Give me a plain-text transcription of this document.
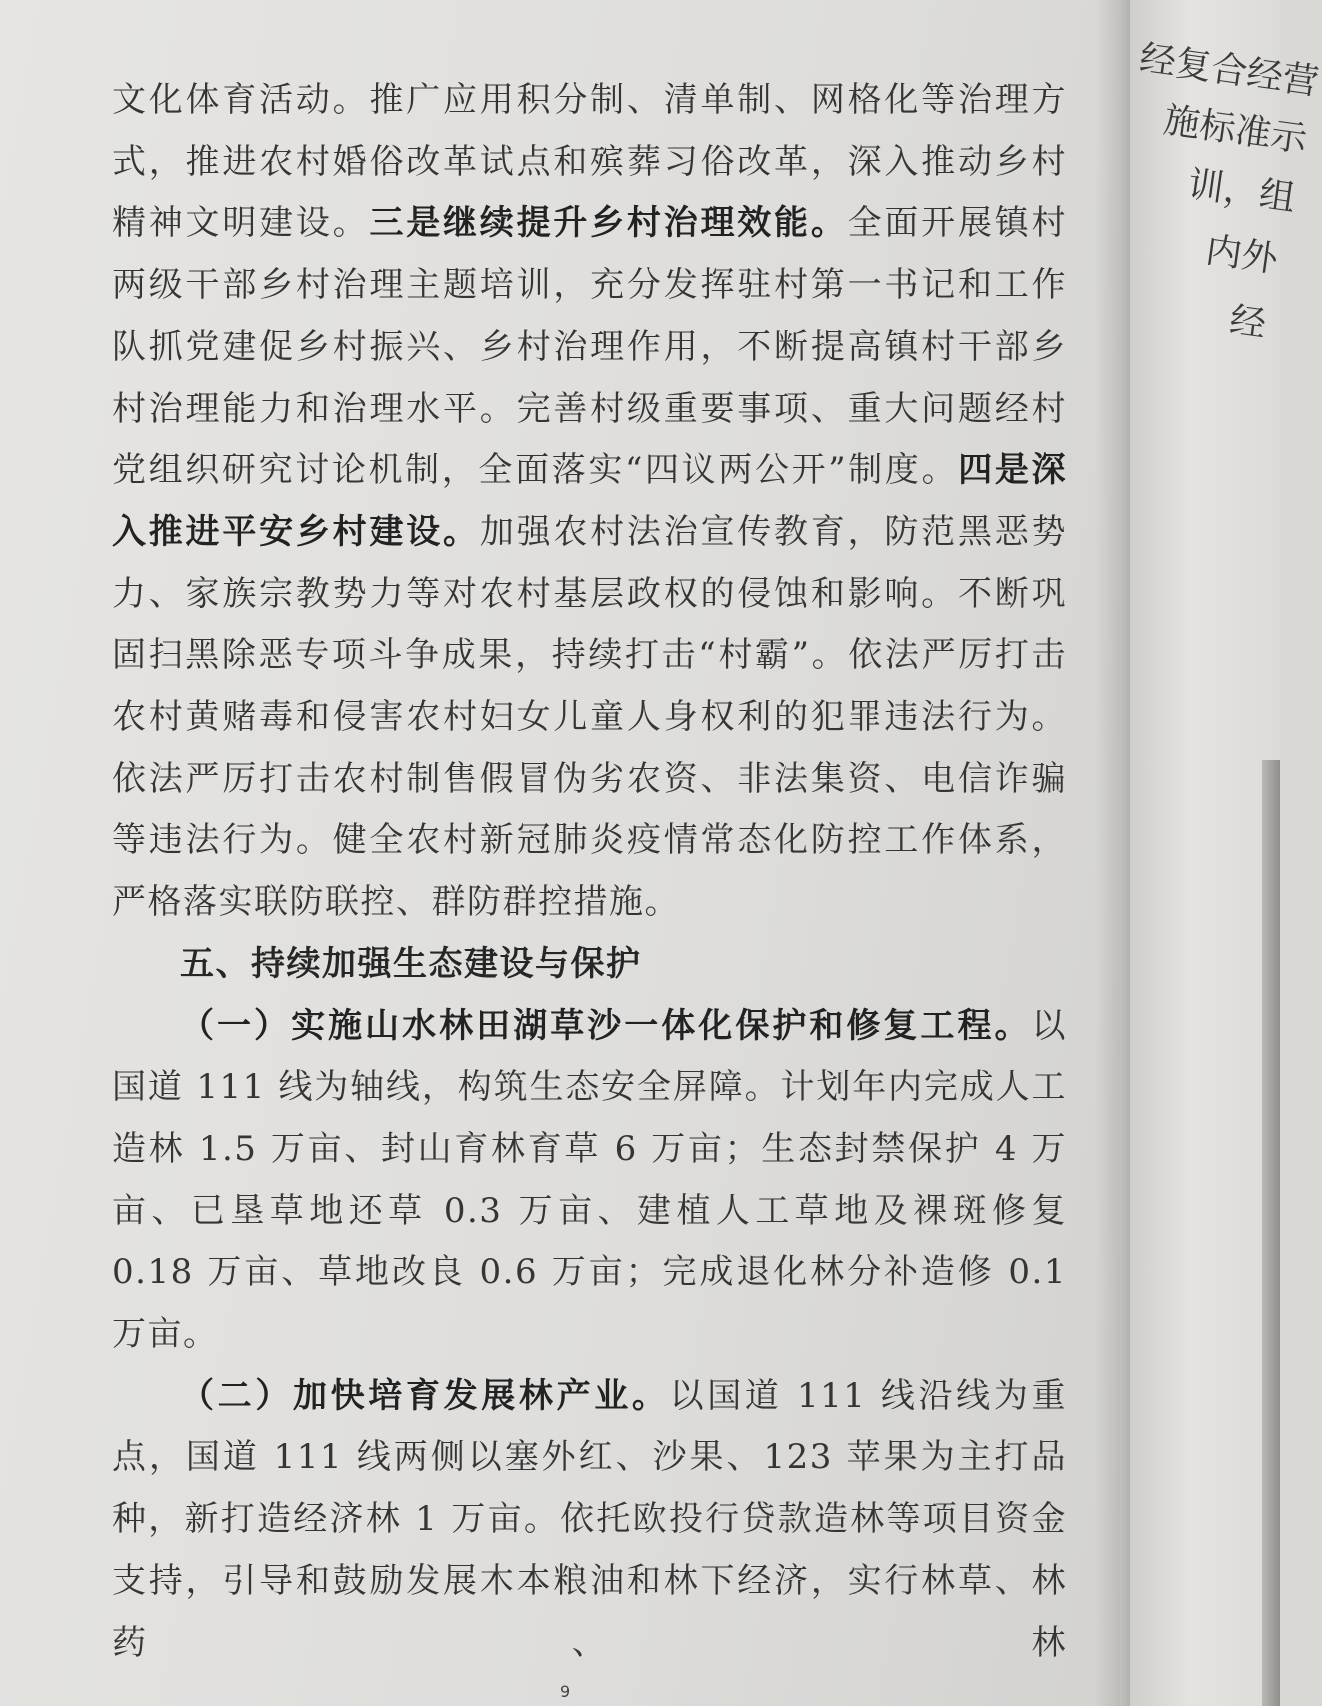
文化体育活动。推广应用积分制、清单制、网格化等治理方式，推进农村婚俗改革试点和殡葬习俗改革，深入推动乡村精神文明建设。三是继续提升乡村治理效能。全面开展镇村两级干部乡村治理主题培训，充分发挥驻村第一书记和工作队抓党建促乡村振兴、乡村治理作用，不断提高镇村干部乡村治理能力和治理水平。完善村级重要事项、重大问题经村党组织研究讨论机制，全面落实“四议两公开”制度。四是深入推进平安乡村建设。加强农村法治宣传教育，防范黑恶势力、家族宗教势力等对农村基层政权的侵蚀和影响。不断巩固扫黑除恶专项斗争成果，持续打击“村霸”。依法严厉打击农村黄赌毒和侵害农村妇女儿童人身权利的犯罪违法行为。依法严厉打击农村制售假冒伪劣农资、非法集资、电信诈骗等违法行为。健全农村新冠肺炎疫情常态化防控工作体系，严格落实联防联控、群防群控措施。

五、持续加强生态建设与保护

（一）实施山水林田湖草沙一体化保护和修复工程。以国道 111 线为轴线，构筑生态安全屏障。计划年内完成人工造林 1.5 万亩、封山育林育草 6 万亩；生态封禁保护 4 万亩、已垦草地还草 0.3 万亩、建植人工草地及裸斑修复 0.18 万亩、草地改良 0.6 万亩；完成退化林分补造修 0.1 万亩。

（二）加快培育发展林产业。以国道 111 线沿线为重点，国道 111 线两侧以塞外红、沙果、123 苹果为主打品种，新打造经济林 1 万亩。依托欧投行贷款造林等项目资金支持，引导和鼓励发展木本粮油和林下经济，实行林草、林药、林

9
经复合经营
施标准示
训，组
内外
经
